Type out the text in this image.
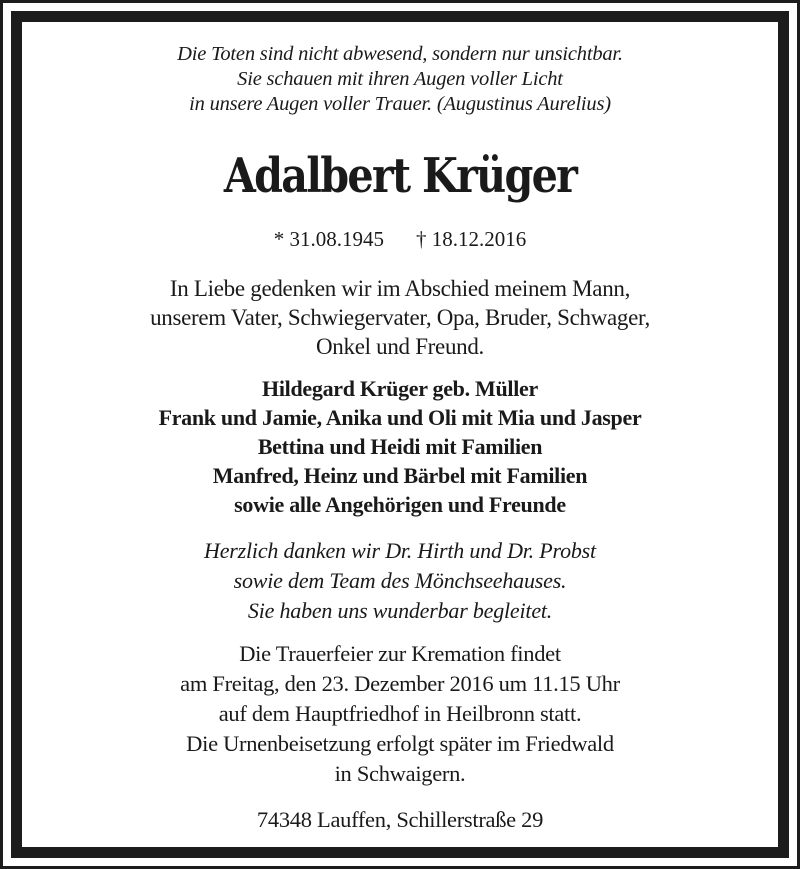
Die Toten sind nicht abwesend, sondern nur unsichtbar.
Sie schauen mit ihren Augen voller Licht
in unsere Augen voller Trauer. (Augustinus Aurelius)
Adalbert Krüger
* 31.08.1945 † 18.12.2016
In Liebe gedenken wir im Abschied meinem Mann,
unserem Vater, Schwiegervater, Opa, Bruder, Schwager,
Onkel und Freund.
Hildegard Krüger geb. Müller
Frank und Jamie, Anika und Oli mit Mia und Jasper
Bettina und Heidi mit Familien
Manfred, Heinz und Bärbel mit Familien
sowie alle Angehörigen und Freunde
Herzlich danken wir Dr. Hirth und Dr. Probst
sowie dem Team des Mönchseehauses.
Sie haben uns wunderbar begleitet.
Die Trauerfeier zur Kremation findet
am Freitag, den 23. Dezember 2016 um 11.15 Uhr
auf dem Hauptfriedhof in Heilbronn statt.
Die Urnenbeisetzung erfolgt später im Friedwald
in Schwaigern.
74348 Lauffen, Schillerstraße 29
